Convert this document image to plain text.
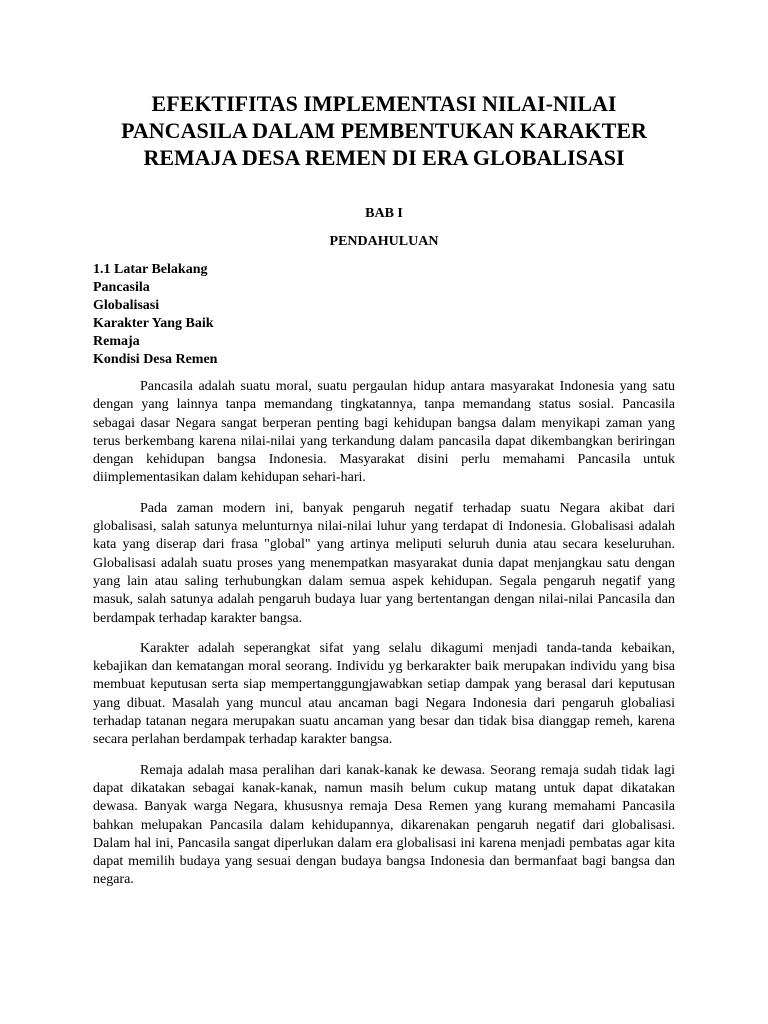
EFEKTIFITAS IMPLEMENTASI NILAI-NILAI
PANCASILA DALAM PEMBENTUKAN KARAKTER
REMAJA DESA REMEN DI ERA GLOBALISASI
BAB I
PENDAHULUAN
1.1 Latar Belakang
Pancasila
Globalisasi
Karakter Yang Baik
Remaja
Kondisi Desa Remen

Pancasila adalah suatu moral, suatu pergaulan hidup antara masyarakat Indonesia yang satu dengan yang lainnya tanpa memandang tingkatannya, tanpa memandang status sosial. Pancasila sebagai dasar Negara sangat berperan penting bagi kehidupan bangsa dalam menyikapi zaman yang terus berkembang karena nilai-nilai yang terkandung dalam pancasila dapat dikembangkan beriringan dengan kehidupan bangsa Indonesia. Masyarakat disini perlu memahami Pancasila untuk diimplementasikan dalam kehidupan sehari-hari.

Pada zaman modern ini, banyak pengaruh negatif terhadap suatu Negara akibat dari globalisasi, salah satunya melunturnya nilai-nilai luhur yang terdapat di Indonesia. Globalisasi adalah kata yang diserap dari frasa "global" yang artinya meliputi seluruh dunia atau secara keseluruhan. Globalisasi adalah suatu proses yang menempatkan masyarakat dunia dapat menjangkau satu dengan yang lain atau saling terhubungkan dalam semua aspek kehidupan. Segala pengaruh negatif yang masuk, salah satunya adalah pengaruh budaya luar yang bertentangan dengan nilai-nilai Pancasila dan berdampak terhadap karakter bangsa.

Karakter adalah seperangkat sifat yang selalu dikagumi menjadi tanda-tanda kebaikan, kebajikan dan kematangan moral seorang. Individu yg berkarakter baik merupakan individu yang bisa membuat keputusan serta siap mempertanggungjawabkan setiap dampak yang berasal dari keputusan yang dibuat. Masalah yang muncul atau ancaman bagi Negara Indonesia dari pengaruh globaliasi terhadap tatanan negara merupakan suatu ancaman yang besar dan tidak bisa dianggap remeh, karena secara perlahan berdampak terhadap karakter bangsa.

Remaja adalah masa peralihan dari kanak-kanak ke dewasa. Seorang remaja sudah tidak lagi dapat dikatakan sebagai kanak-kanak, namun masih belum cukup matang untuk dapat dikatakan dewasa. Banyak warga Negara, khususnya remaja Desa Remen yang kurang memahami Pancasila bahkan melupakan Pancasila dalam kehidupannya, dikarenakan pengaruh negatif dari globalisasi. Dalam hal ini, Pancasila sangat diperlukan dalam era globalisasi ini karena menjadi pembatas agar kita dapat memilih budaya yang sesuai dengan budaya bangsa Indonesia dan bermanfaat bagi bangsa dan negara.
